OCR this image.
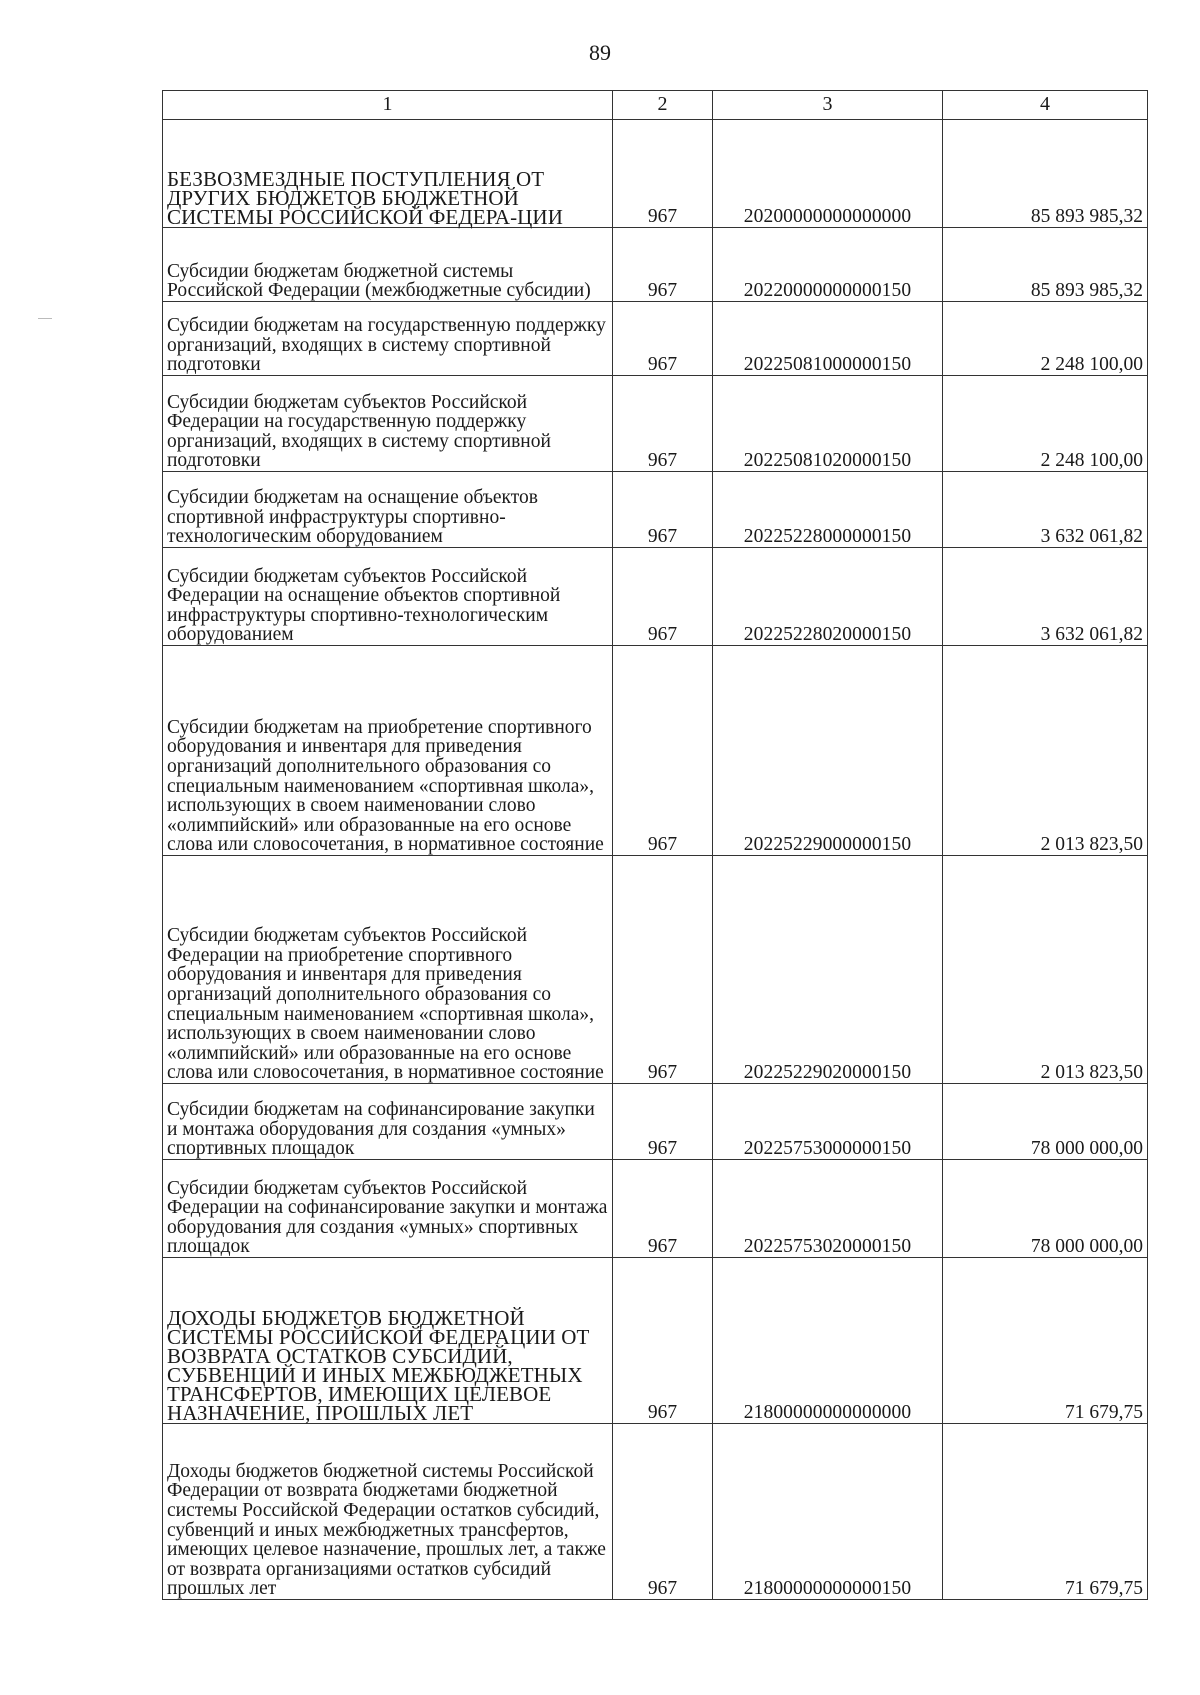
89
1	2	3	4
БЕЗВОЗМЕЗДНЫЕ ПОСТУПЛЕНИЯ ОТ ДРУГИХ БЮДЖЕТОВ БЮДЖЕТНОЙ СИСТЕМЫ РОССИЙСКОЙ ФЕДЕРА-ЦИИ	967	20200000000000000	85 893 985,32
Субсидии бюджетам бюджетной системы Российской Федерации (межбюджетные субсидии)	967	20220000000000150	85 893 985,32
Субсидии бюджетам на государственную поддержку организаций, входящих в систему спортивной подготовки	967	20225081000000150	2 248 100,00
Субсидии бюджетам субъектов Российской Федерации на государственную поддержку организаций, входящих в систему спортивной подготовки	967	20225081020000150	2 248 100,00
Субсидии бюджетам на оснащение объектов спортивной инфраструктуры спортивно-технологическим оборудованием	967	20225228000000150	3 632 061,82
Субсидии бюджетам субъектов Российской Федерации на оснащение объектов спортивной инфраструктуры спортивно-технологическим оборудованием	967	20225228020000150	3 632 061,82
Субсидии бюджетам на приобретение спортивного оборудования и инвентаря для приведения организаций дополнительного образования со специальным наименованием «спортивная школа», использующих в своем наименовании слово «олимпийский» или образованные на его основе слова или словосочетания, в нормативное состояние	967	20225229000000150	2 013 823,50
Субсидии бюджетам субъектов Российской Федерации на приобретение спортивного оборудования и инвентаря для приведения организаций дополнительного образования со специальным наименованием «спортивная школа», использующих в своем наименовании слово «олимпийский» или образованные на его основе слова или словосочетания, в нормативное состояние	967	20225229020000150	2 013 823,50
Субсидии бюджетам на софинансирование закупки и монтажа оборудования для создания «умных» спортивных площадок	967	20225753000000150	78 000 000,00
Субсидии бюджетам субъектов Российской Федерации на софинансирование закупки и монтажа оборудования для создания «умных» спортивных площадок	967	20225753020000150	78 000 000,00
ДОХОДЫ БЮДЖЕТОВ БЮДЖЕТНОЙ СИСТЕМЫ РОССИЙСКОЙ ФЕДЕРАЦИИ ОТ ВОЗВРАТА ОСТАТКОВ СУБСИДИЙ, СУБВЕНЦИЙ И ИНЫХ МЕЖБЮДЖЕТНЫХ ТРАНСФЕРТОВ, ИМЕЮЩИХ ЦЕЛЕВОЕ НАЗНАЧЕНИЕ, ПРОШЛЫХ ЛЕТ	967	21800000000000000	71 679,75
Доходы бюджетов бюджетной системы Российской Федерации от возврата бюджетами бюджетной системы Российской Федерации остатков субсидий, субвенций и иных межбюджетных трансфертов, имеющих целевое назначение, прошлых лет, а также от возврата организациями остатков субсидий прошлых лет	967	21800000000000150	71 679,75
